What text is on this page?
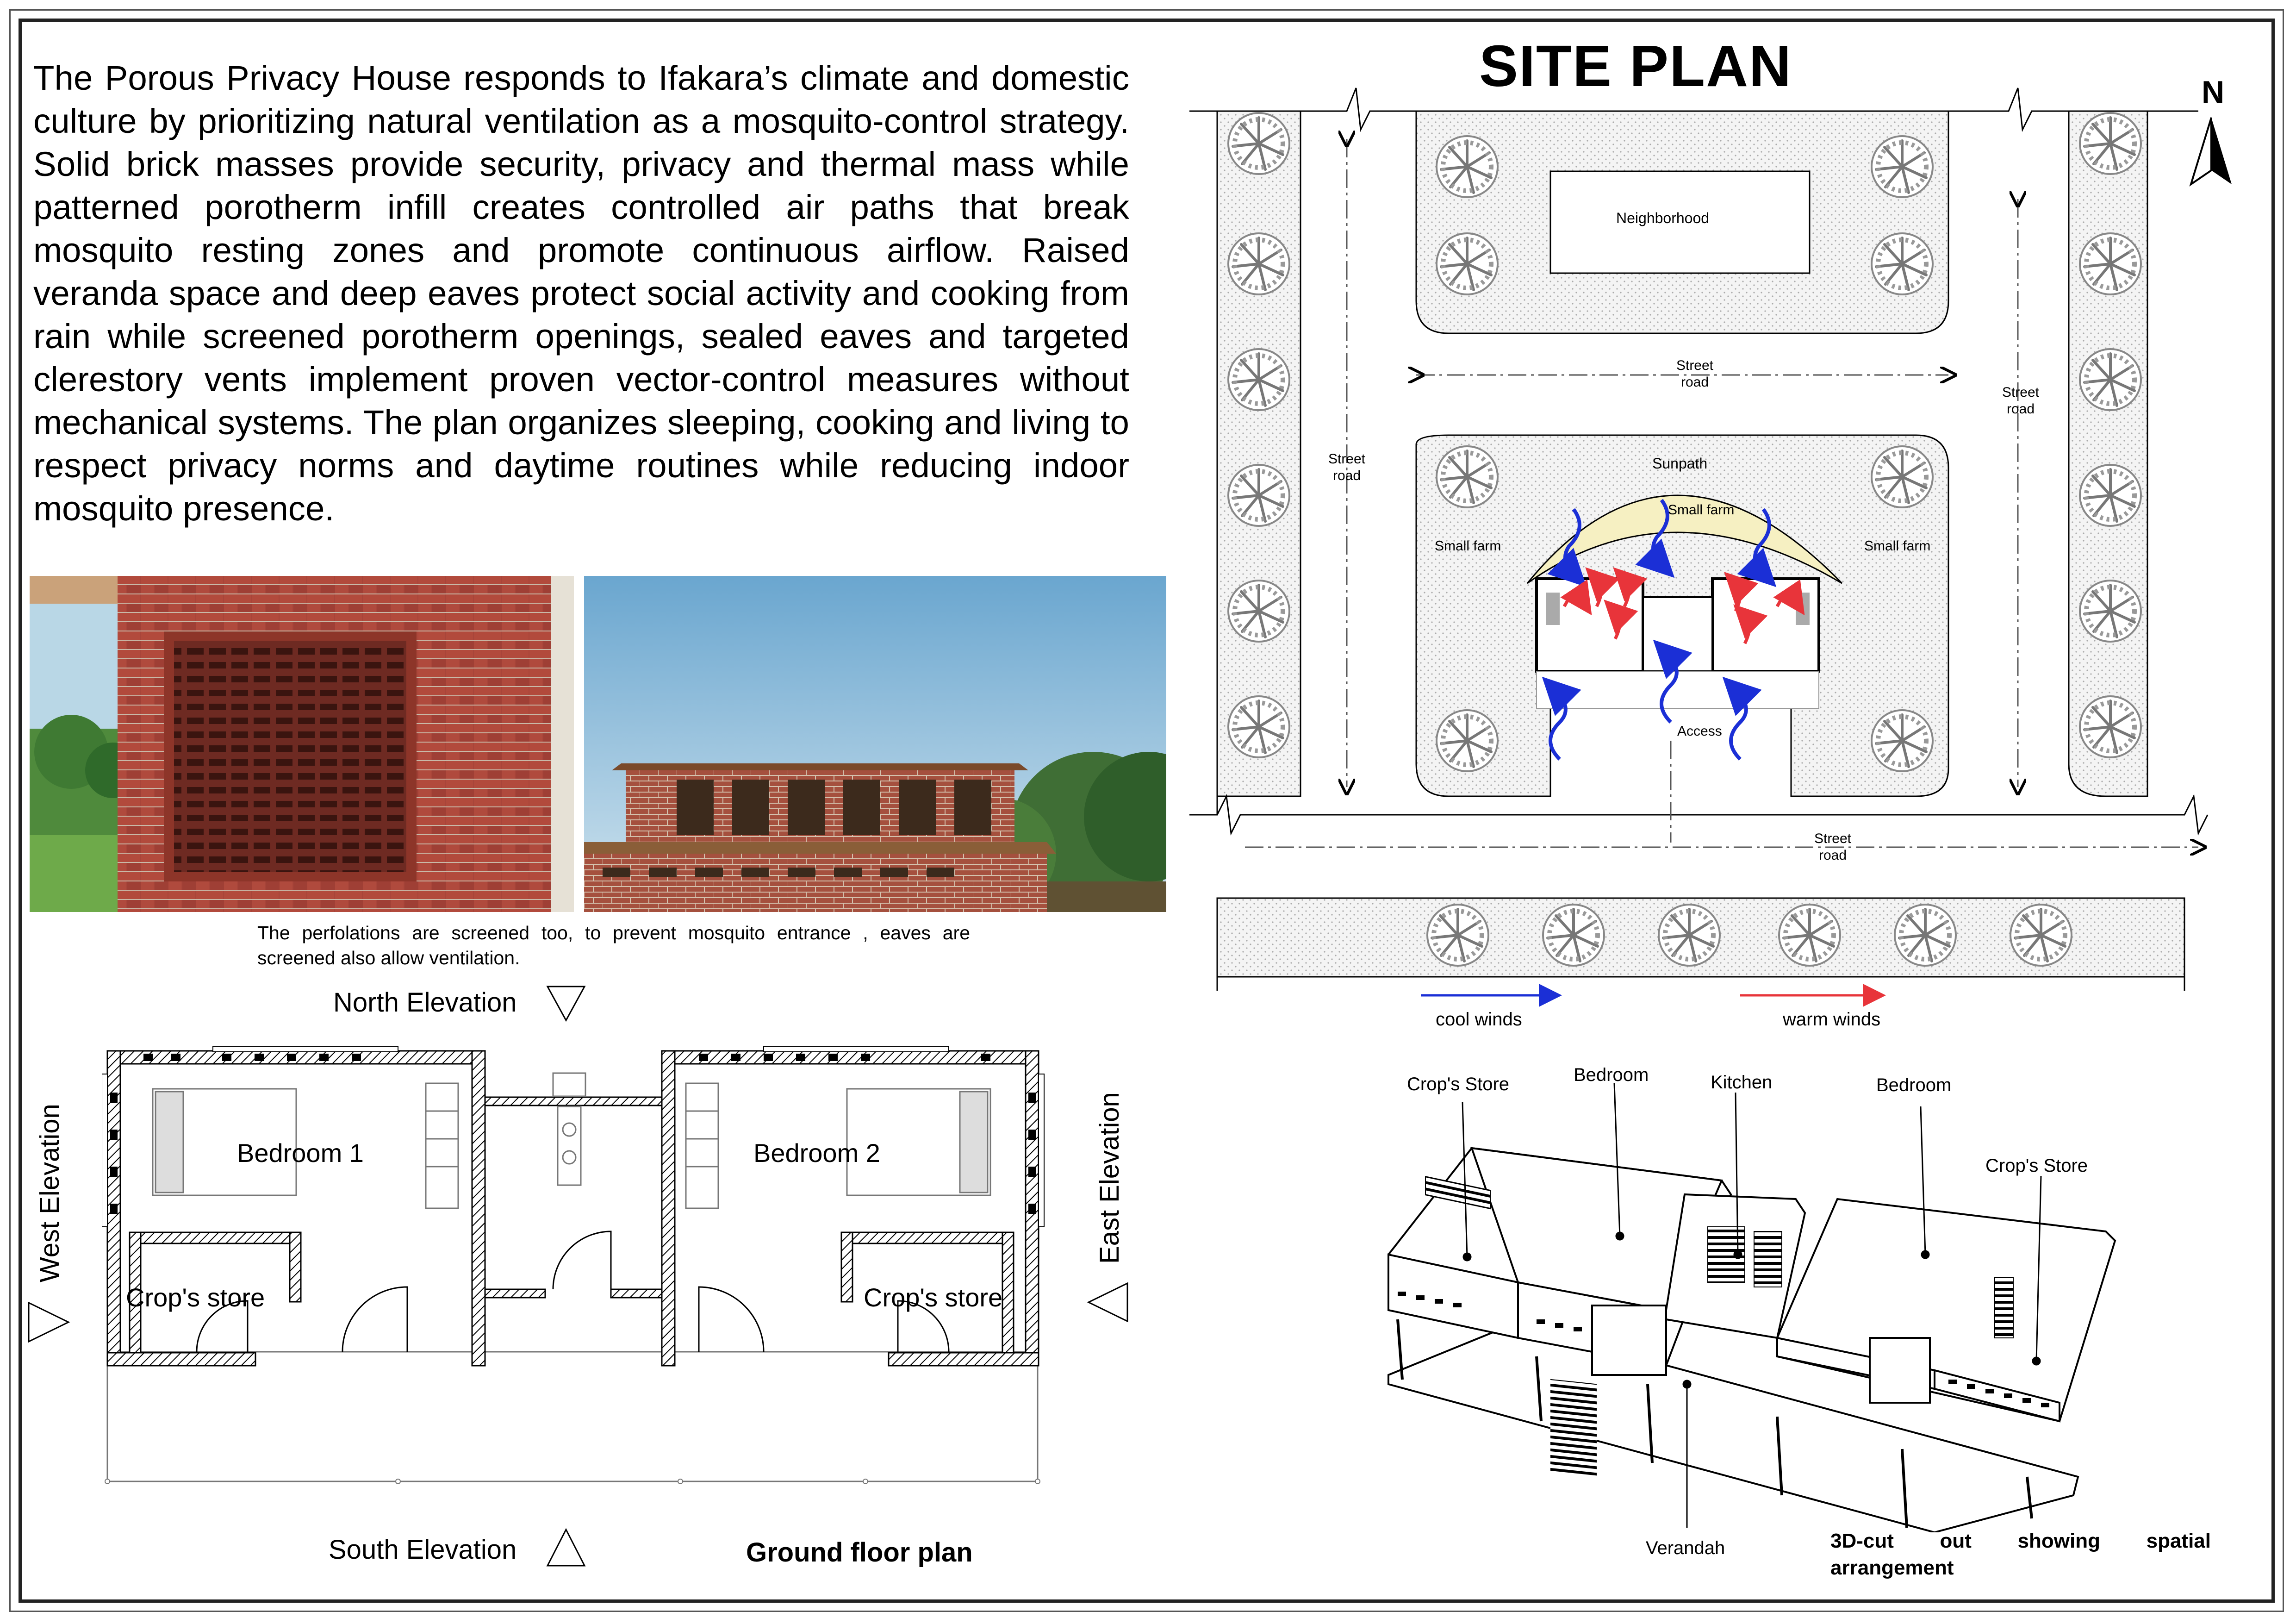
The Porous Privacy House responds to Ifakara’s climate and domestic culture by prioritizing natural ventilation as a mosquito-control strategy. Solid brick masses provide security, privacy and thermal mass while patterned porotherm infill creates controlled air paths that break mosquito resting zones and promote continuous airflow. Raised veranda space and deep eaves protect social activity and cooking from rain while screened porotherm openings, sealed eaves and targeted clerestory vents implement proven vector-control measures without mechanical systems. The plan organizes sleeping, cooking and living to respect privacy norms and daytime routines while reducing indoor mosquito presence.
The perfolations are screened too, to prevent mosquito entrance , eaves are screened also allow ventilation.
North Elevation
South Elevation
East Elevation
West Elevation	Bedroom 1	Bedroom 2
Crop's store	Crop's store
Ground floor plan
SITE PLAN	N
Neighborhood
Street
road
Street
road
Street
road
Street
road
Sunpath
Small farm
Small farm	Small farm
Access
cool winds	warm winds
Crop's Store	Bedroom	Kitchen	Bedroom
Crop's Store
Verandah	3D-cut out showing spatial arrangement
